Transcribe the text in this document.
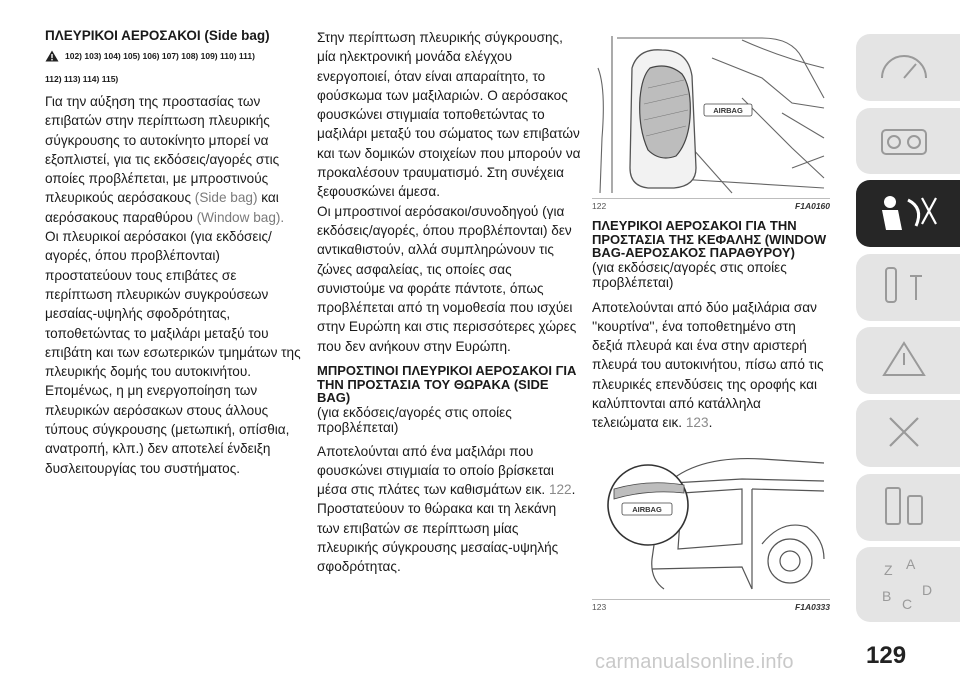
ΠΛΕΥΡΙΚΟΙ ΑΕΡΟΣΑΚΟΙ (Side bag)
102) 103) 104) 105) 106) 107) 108) 109) 110) 111)
112) 113) 114) 115)

Για την αύξηση της προστασίας των επιβατών στην περίπτωση πλευρικής σύγκρουσης το αυτοκίνητο μπορεί να εξοπλιστεί, για τις εκδόσεις/αγορές στις οποίες προβλέπεται, με μπροστινούς πλευρικούς αερόσακους (Side bag) και αερόσακους παραθύρου (Window bag).

Οι πλευρικοί αερόσακοι (για εκδόσεις/αγορές, όπου προβλέπονται) προστατεύουν τους επιβάτες σε περίπτωση πλευρικών συγκρούσεων μεσαίας-υψηλής σφοδρότητας, τοποθετώντας το μαξιλάρι μεταξύ του επιβάτη και των εσωτερικών τμημάτων της πλευρικής δομής του αυτοκινήτου.

Επομένως, η μη ενεργοποίηση των πλευρικών αερόσακων στους άλλους τύπους σύγκρουσης (μετωπική, οπίσθια, ανατροπή, κλπ.) δεν αποτελεί ένδειξη δυσλειτουργίας του συστήματος.

Στην περίπτωση πλευρικής σύγκρουσης, μία ηλεκτρονική μονάδα ελέγχου ενεργοποιεί, όταν είναι απαραίτητο, το φούσκωμα των μαξιλαριών. Ο αερόσακος φουσκώνει στιγμιαία τοποθετώντας το μαξιλάρι μεταξύ του σώματος των επιβατών και των δομικών στοιχείων που μπορούν να προκαλέσουν τραυματισμό. Στη συνέχεια ξεφουσκώνει άμεσα.

Οι μπροστινοί αερόσακοι/συνοδηγού (για εκδόσεις/αγορές, όπου προβλέπονται) δεν αντικαθιστούν, αλλά συμπληρώνουν τις ζώνες ασφαλείας, τις οποίες σας συνιστούμε να φοράτε πάντοτε, όπως προβλέπεται από τη νομοθεσία που ισχύει στην Ευρώπη και στις περισσότερες χώρες που δεν ανήκουν στην Ευρώπη.

ΜΠΡΟΣΤΙΝΟΙ ΠΛΕΥΡΙΚΟΙ ΑΕΡΟΣΑΚΟΙ ΓΙΑ ΤΗΝ ΠΡΟΣΤΑΣΙΑ ΤΟΥ ΘΩΡΑΚΑ (SIDE BAG)
(για εκδόσεις/αγορές στις οποίες προβλέπεται)

Αποτελούνται από ένα μαξιλάρι που φουσκώνει στιγμιαία το οποίο βρίσκεται μέσα στις πλάτες των καθισμάτων εικ. 122. Προστατεύουν το θώρακα και τη λεκάνη των επιβατών σε περίπτωση μίας πλευρικής σύγκρουσης μεσαίας-υψηλής σφοδρότητας.

AIRBAG
122	F1A0160
ΠΛΕΥΡΙΚΟΙ ΑΕΡΟΣΑΚΟΙ ΓΙΑ ΤΗΝ ΠΡΟΣΤΑΣΙΑ ΤΗΣ ΚΕΦΑΛΗΣ (WINDOW BAG-ΑΕΡΟΣΑΚΟΣ ΠΑΡΑΘΥΡΟΥ)
(για εκδόσεις/αγορές στις οποίες προβλέπεται)

Αποτελούνται από δύο μαξιλάρια σαν ''κουρτίνα'', ένα τοποθετημένο στη δεξιά πλευρά και ένα στην αριστερή πλευρά του αυτοκινήτου, πίσω από τις πλευρικές επενδύσεις της οροφής και καλύπτονται από κατάλληλα τελειώματα εικ. 123.

AIRBAG
123	F1A0333
Z A
B C
D
129
carmanualsonline.info
